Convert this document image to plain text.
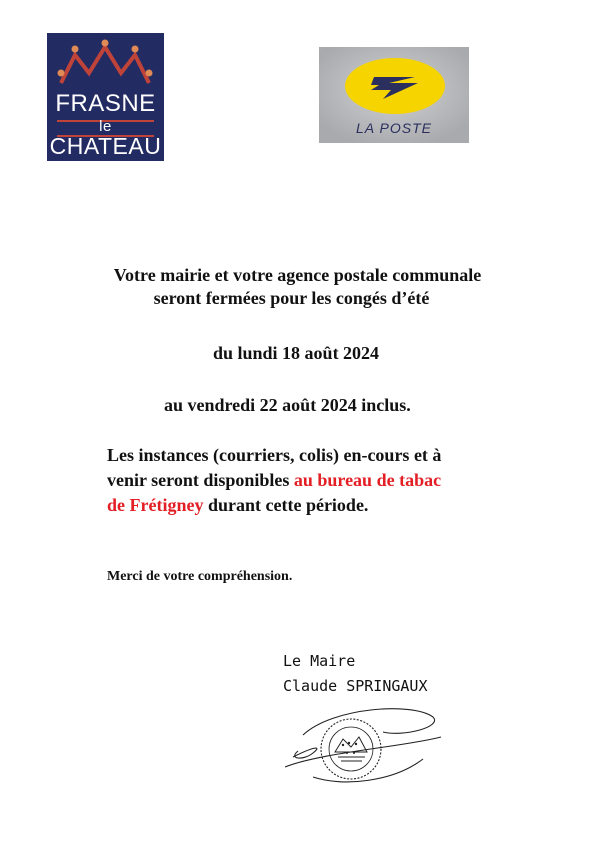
FRASNE
le
CHATEAU
LA POSTE
Votre mairie et votre agence postale communale
seront fermées pour les congés d’été
du lundi 18 août 2024
au vendredi 22 août 2024 inclus.
Les instances (courriers, colis) en-cours et à
venir seront disponibles au bureau de tabac
de Frétigney durant cette période.
Merci de votre compréhension.
Le Maire
Claude SPRINGAUX
